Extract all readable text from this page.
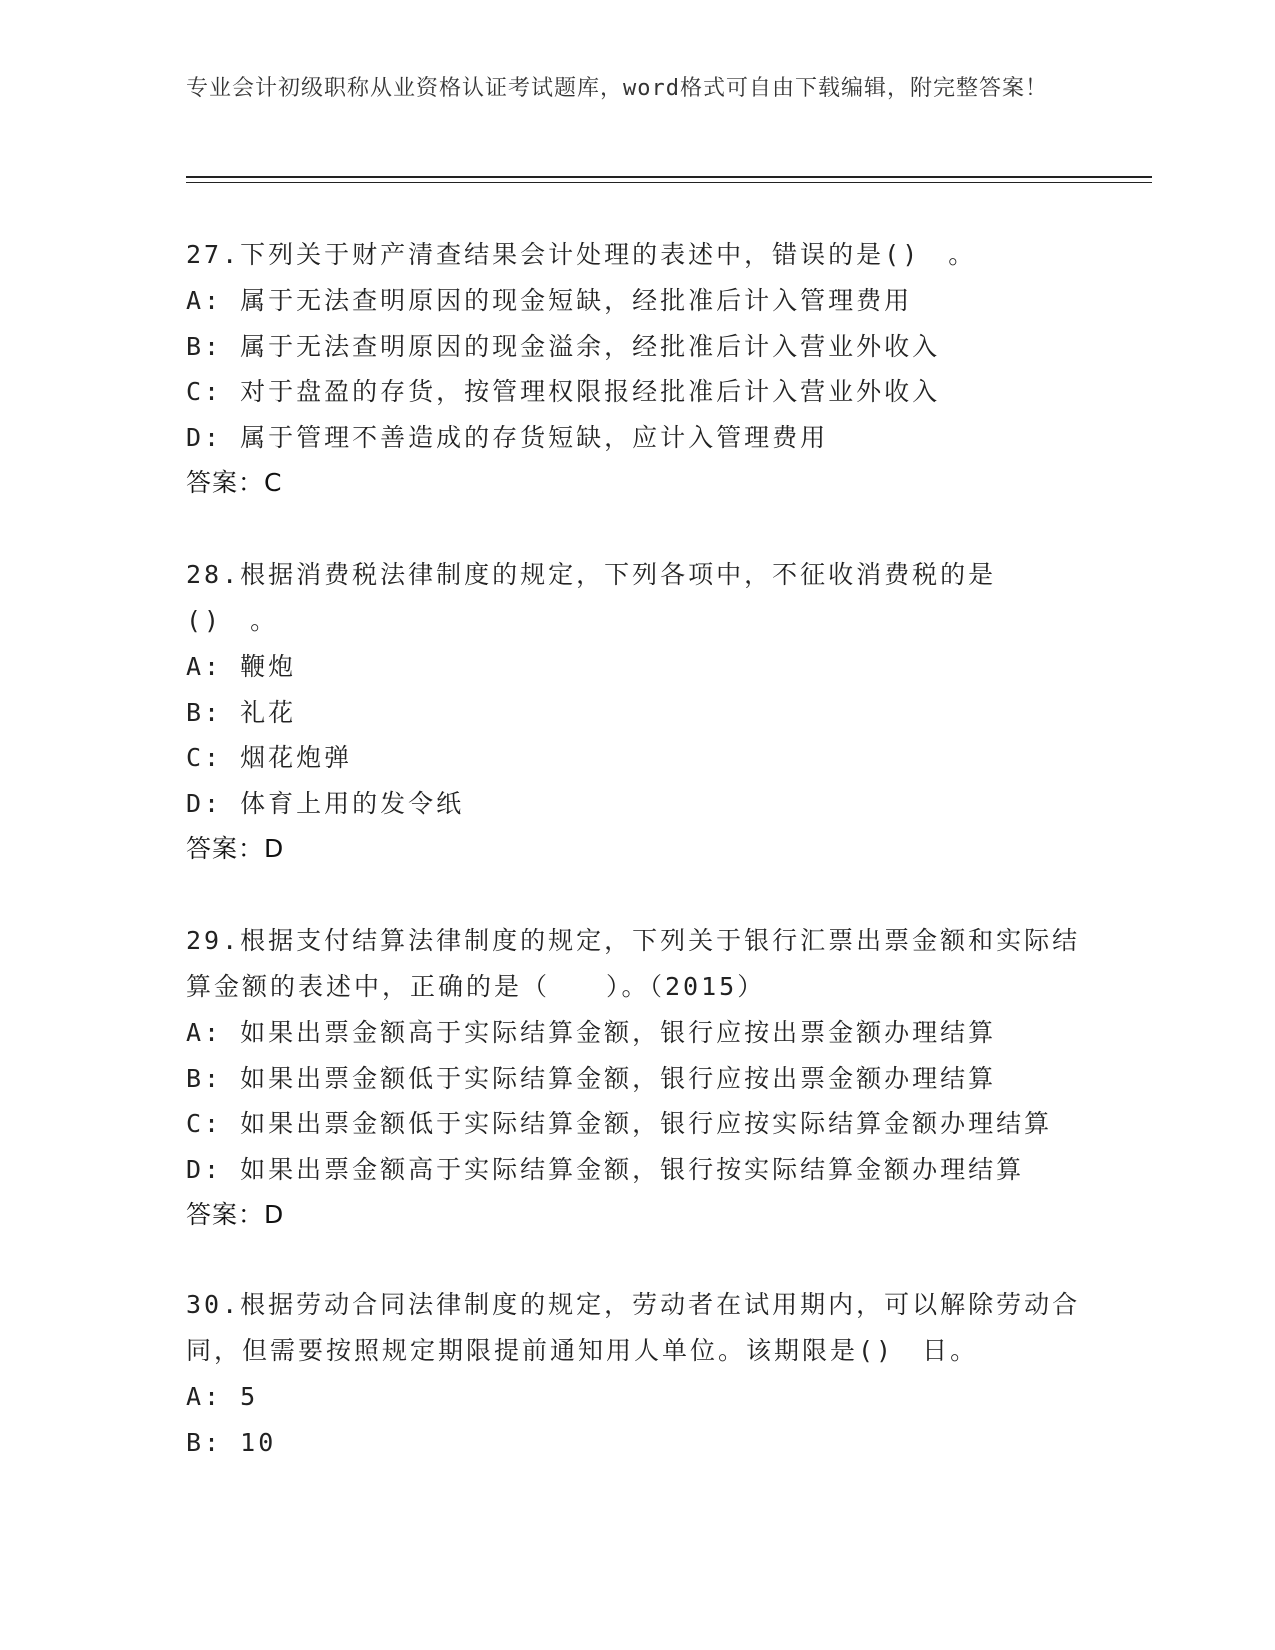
专业会计初级职称从业资格认证考试题库，word格式可自由下载编辑，附完整答案！
27.下列关于财产清查结果会计处理的表述中，错误的是()　。
A: 属于无法查明原因的现金短缺，经批准后计入管理费用
B: 属于无法查明原因的现金溢余，经批准后计入营业外收入
C: 对于盘盈的存货，按管理权限报经批准后计入营业外收入
D: 属于管理不善造成的存货短缺，应计入管理费用
答案：C
28.根据消费税法律制度的规定，下列各项中，不征收消费税的是()　。
A: 鞭炮
B: 礼花
C: 烟花炮弹
D: 体育上用的发令纸
答案：D
29.根据支付结算法律制度的规定，下列关于银行汇票出票金额和实际结算金额的表述中，正确的是（　　）。（2015）
A: 如果出票金额高于实际结算金额，银行应按出票金额办理结算
B: 如果出票金额低于实际结算金额，银行应按出票金额办理结算
C: 如果出票金额低于实际结算金额，银行应按实际结算金额办理结算
D: 如果出票金额高于实际结算金额，银行按实际结算金额办理结算
答案：D
30.根据劳动合同法律制度的规定，劳动者在试用期内，可以解除劳动合同，但需要按照规定期限提前通知用人单位。该期限是()　日。
A: 5
B: 10
